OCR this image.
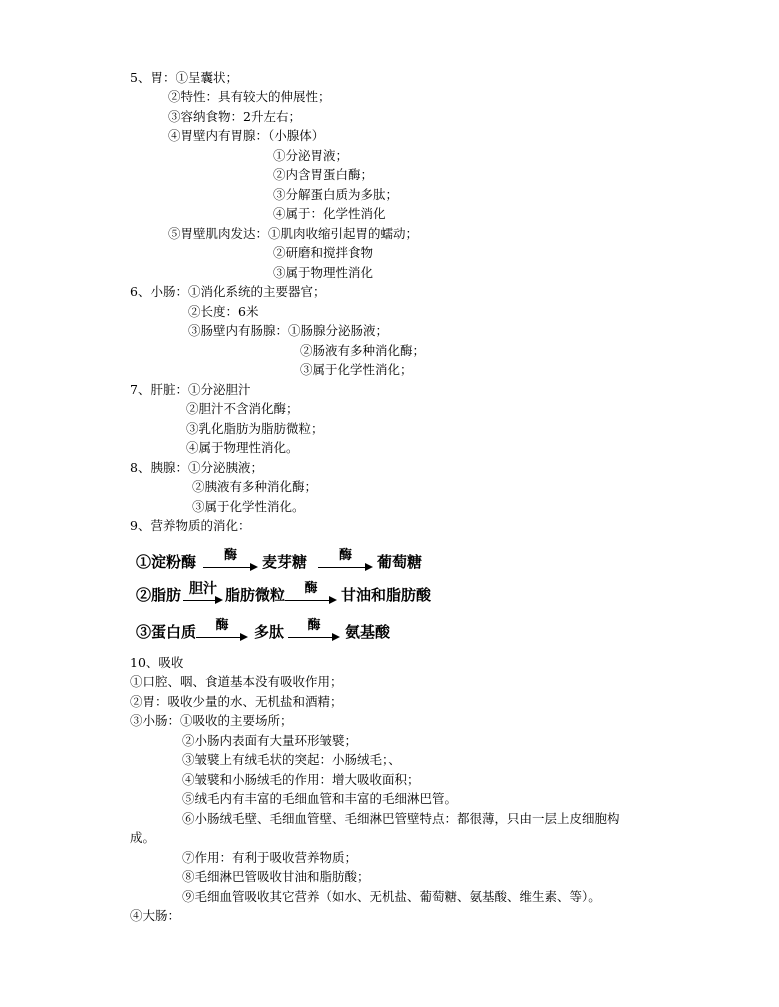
5、胃：①呈囊状；
②特性：具有较大的伸展性；
③容纳食物：2升左右；
④胃壁内有胃腺：（小腺体）
①分泌胃液；
②内含胃蛋白酶；
③分解蛋白质为多肽；
④属于：化学性消化
⑤胃壁肌肉发达：①肌肉收缩引起胃的蠕动；
②研磨和搅拌食物
③属于物理性消化
6、小肠：①消化系统的主要器官；
②长度：6米
③肠壁内有肠腺：①肠腺分泌肠液；
②肠液有多种消化酶；
③属于化学性消化；
7、肝脏：①分泌胆汁
②胆汁不含消化酶；
③乳化脂肪为脂肪微粒；
④属于物理性消化。
8、胰腺：①分泌胰液；
②胰液有多种消化酶；
③属于化学性消化。
9、营养物质的消化：
①淀粉酶	酶	麦芽糖	酶	葡萄糖
②脂肪 胆汁 脂肪微粒	酶	甘油和脂肪酸
③蛋白质	酶	多肽	酶	氨基酸
10、吸收
①口腔、咽、食道基本没有吸收作用；
②胃：吸收少量的水、无机盐和酒精；
③小肠：①吸收的主要场所；
②小肠内表面有大量环形皱襞；
③皱襞上有绒毛状的突起：小肠绒毛；、
④皱襞和小肠绒毛的作用：增大吸收面积；
⑤绒毛内有丰富的毛细血管和丰富的毛细淋巴管。
⑥小肠绒毛壁、毛细血管壁、毛细淋巴管壁特点：都很薄，只由一层上皮细胞构
成。
⑦作用：有利于吸收营养物质；
⑧毛细淋巴管吸收甘油和脂肪酸；
⑨毛细血管吸收其它营养（如水、无机盐、葡萄糖、氨基酸、维生素、等）。
④大肠：
